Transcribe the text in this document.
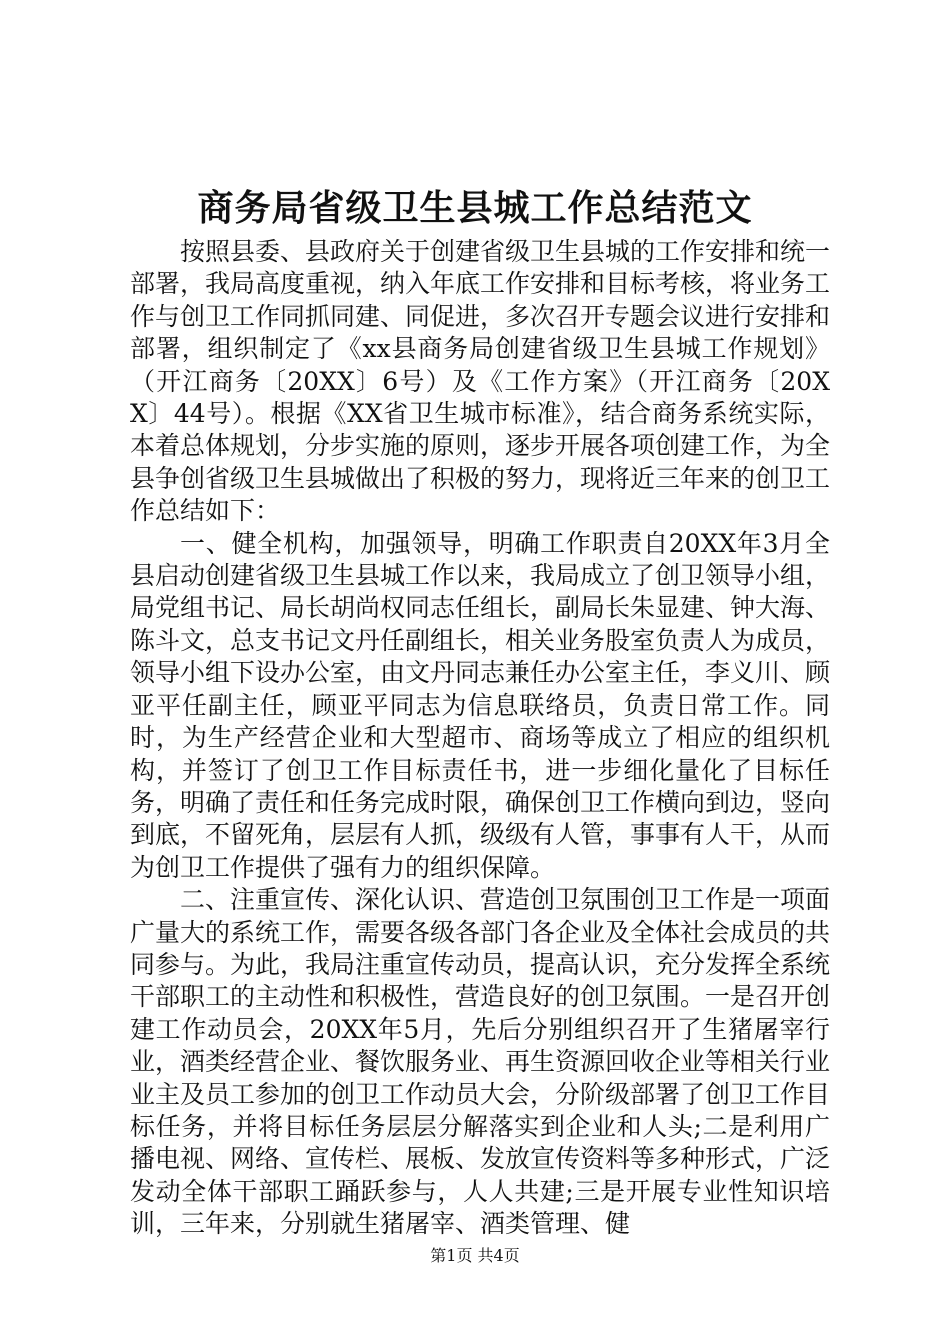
商务局省级卫生县城工作总结范文

按照县委、县政府关于创建省级卫生县城的工作安排和统一部署，我局高度重视，纳入年底工作安排和目标考核，将业务工作与创卫工作同抓同建、同促进，多次召开专题会议进行安排和部署，组织制定了《xx县商务局创建省级卫生县城工作规划》（开江商务〔20XX〕6号）及《工作方案》（开江商务〔20XX〕44号）。根据《XX省卫生城市标准》，结合商务系统实际，本着总体规划，分步实施的原则，逐步开展各项创建工作，为全县争创省级卫生县城做出了积极的努力，现将近三年来的创卫工作总结如下：

一、健全机构，加强领导，明确工作职责自20XX年3月全县启动创建省级卫生县城工作以来，我局成立了创卫领导小组，局党组书记、局长胡尚权同志任组长，副局长朱显建、钟大海、陈斗文，总支书记文丹任副组长，相关业务股室负责人为成员，领导小组下设办公室，由文丹同志兼任办公室主任，李义川、顾亚平任副主任，顾亚平同志为信息联络员，负责日常工作。同时，为生产经营企业和大型超市、商场等成立了相应的组织机构，并签订了创卫工作目标责任书，进一步细化量化了目标任务，明确了责任和任务完成时限，确保创卫工作横向到边，竖向到底，不留死角，层层有人抓，级级有人管，事事有人干，从而为创卫工作提供了强有力的组织保障。

二、注重宣传、深化认识、营造创卫氛围创卫工作是一项面广量大的系统工作，需要各级各部门各企业及全体社会成员的共同参与。为此，我局注重宣传动员，提高认识，充分发挥全系统干部职工的主动性和积极性，营造良好的创卫氛围。一是召开创建工作动员会，20XX年5月，先后分别组织召开了生猪屠宰行业，酒类经营企业、餐饮服务业、再生资源回收企业等相关行业业主及员工参加的创卫工作动员大会，分阶级部署了创卫工作目标任务，并将目标任务层层分解落实到企业和人头;二是利用广播电视、网络、宣传栏、展板、发放宣传资料等多种形式，广泛发动全体干部职工踊跃参与，人人共建;三是开展专业性知识培训，三年来，分别就生猪屠宰、酒类管理、健

第1页 共4页
